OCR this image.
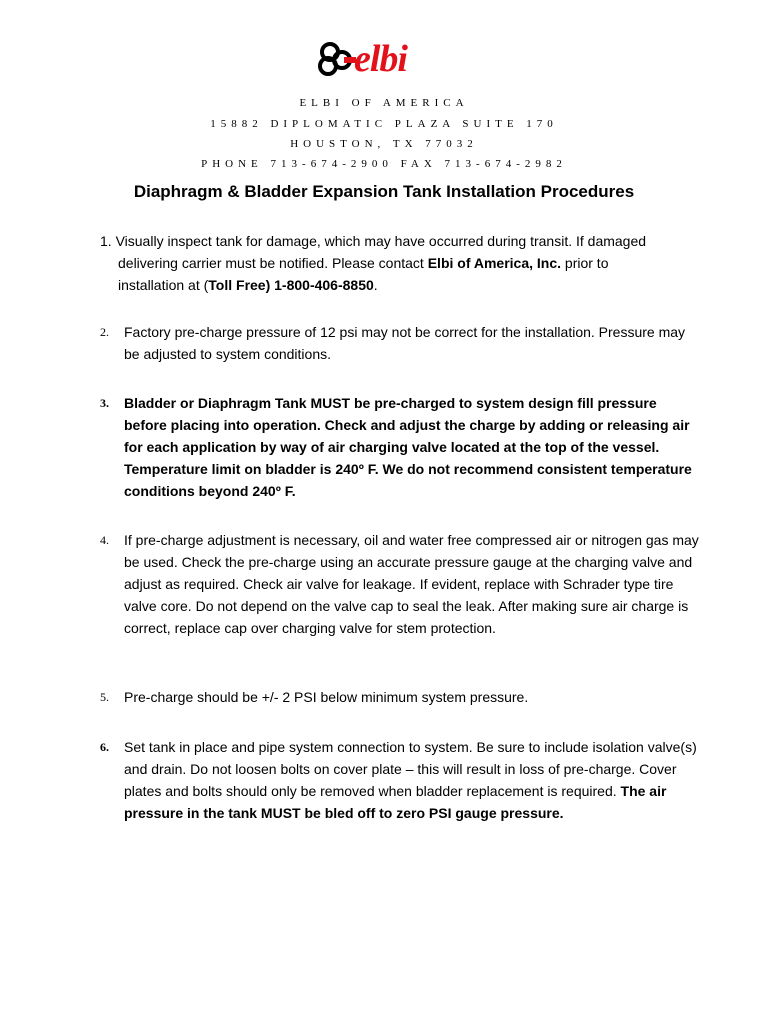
elbi
ELBI OF AMERICA
15882 DIPLOMATIC PLAZA SUITE 170
HOUSTON, TX 77032
PHONE 713-674-2900 FAX 713-674-2982
Diaphragm & Bladder Expansion Tank Installation Procedures
1. Visually inspect tank for damage, which may have occurred during transit. If damaged
delivering carrier must be notified. Please contact Elbi of America, Inc. prior to
installation at (Toll Free) 1-800-406-8850.
2. Factory pre-charge pressure of 12 psi may not be correct for the installation. Pressure may be adjusted to system conditions.
3. Bladder or Diaphragm Tank MUST be pre-charged to system design fill pressure before placing into operation. Check and adjust the charge by adding or releasing air for each application by way of air charging valve located at the top of the vessel. Temperature limit on bladder is 240º F. We do not recommend consistent temperature conditions beyond 240º F.
4. If pre-charge adjustment is necessary, oil and water free compressed air or nitrogen gas may be used. Check the pre-charge using an accurate pressure gauge at the charging valve and adjust as required. Check air valve for leakage. If evident, replace with Schrader type tire valve core. Do not depend on the valve cap to seal the leak. After making sure air charge is correct, replace cap over charging valve for stem protection.
5. Pre-charge should be +/- 2 PSI below minimum system pressure.
6. Set tank in place and pipe system connection to system. Be sure to include isolation valve(s) and drain. Do not loosen bolts on cover plate – this will result in loss of pre-charge. Cover plates and bolts should only be removed when bladder replacement is required. The air pressure in the tank MUST be bled off to zero PSI gauge pressure.
